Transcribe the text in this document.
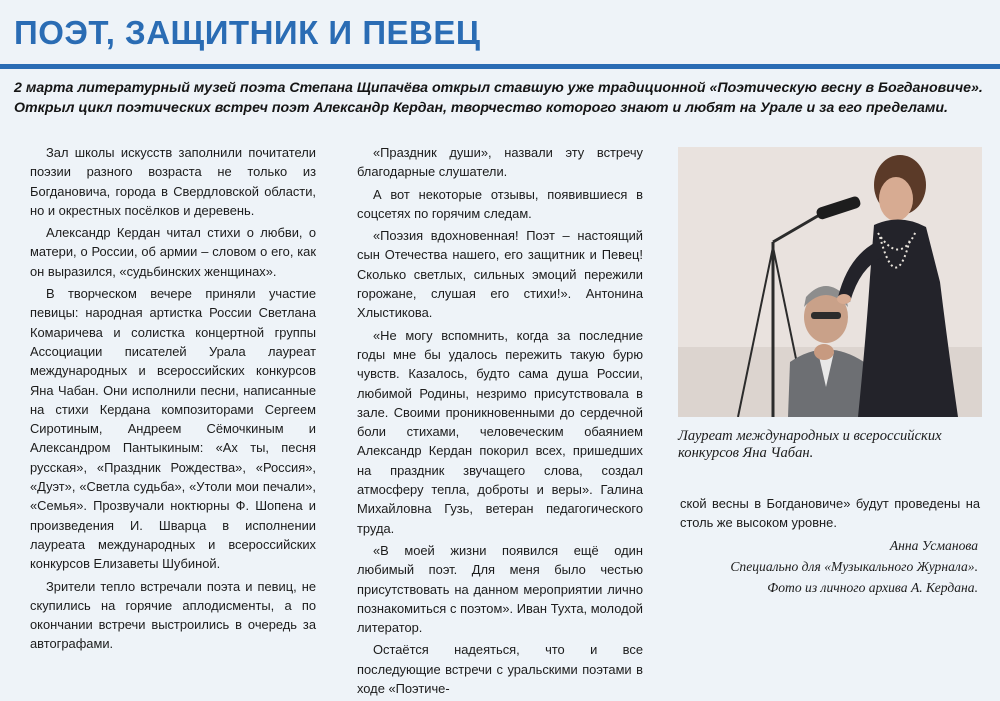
ПОЭТ, ЗАЩИТНИК И ПЕВЕЦ

2 марта литературный музей поэта Степана Щипачёва открыл ставшую уже традиционной «Поэтическую весну в Богдановиче».

Открыл цикл поэтических встреч поэт Александр Кердан, творчество которого знают и любят на Урале и за его пределами.

Зал школы искусств заполнили почитатели поэзии разного возраста не только из Богдановича, города в Свердловской области, но и окрестных посёлков и деревень.

Александр Кердан читал стихи о любви, о матери, о России, об армии – словом о его, как он выразился, «судьбинских женщинах».

В творческом вечере приняли участие певицы: народная артистка России Светлана Комаричева и солистка концертной группы Ассоциации писателей Урала лауреат международных и всероссийских конкурсов Яна Чабан. Они исполнили песни, написанные на стихи Кердана композиторами Сергеем Сиротиным, Андреем Сёмочкиным и Александром Пантыкиным: «Ах ты, песня русская», «Праздник Рождества», «Россия», «Дуэт», «Светла судьба», «Утоли мои печали», «Семья». Прозвучали ноктюрны Ф. Шопена и произведения И. Шварца в исполнении лауреата международных и всероссийских конкурсов Елизаветы Шубиной.

Зрители тепло встречали поэта и певиц, не скупились на горячие аплодисменты, а по окончании встречи выстроились в очередь за автографами.

«Праздник души», назвали эту встречу благодарные слушатели.

А вот некоторые отзывы, появившиеся в соцсетях по горячим следам.

«Поэзия вдохновенная! Поэт – настоящий сын Отечества нашего, его защитник и Певец! Сколько светлых, сильных эмоций пережили горожане, слушая его стихи!». Антонина Хлыстикова.

«Не могу вспомнить, когда за последние годы мне бы удалось пережить такую бурю чувств. Казалось, будто сама душа России, любимой Родины, незримо присутствовала в зале. Своими проникновенными до сердечной боли стихами, человеческим обаянием Александр Кердан покорил всех, пришедших на праздник звучащего слова, создал атмосферу тепла, доброты и веры». Галина Михайловна Гузь, ветеран педагогического труда.

«В моей жизни появился ещё один любимый поэт. Для меня было честью присутствовать на данном мероприятии лично познакомиться с поэтом». Иван Тухта, молодой литератор.

Остаётся надеяться, что и все последующие встречи с уральскими поэтами в ходе «Поэтиче-

Лауреат международных и всероссийских конкурсов Яна Чабан.

ской весны в Богдановиче» будут проведены на столь же высоком уровне.

Анна Усманова

Специально для «Музыкального Журнала».

Фото из личного архива А. Кердана.
